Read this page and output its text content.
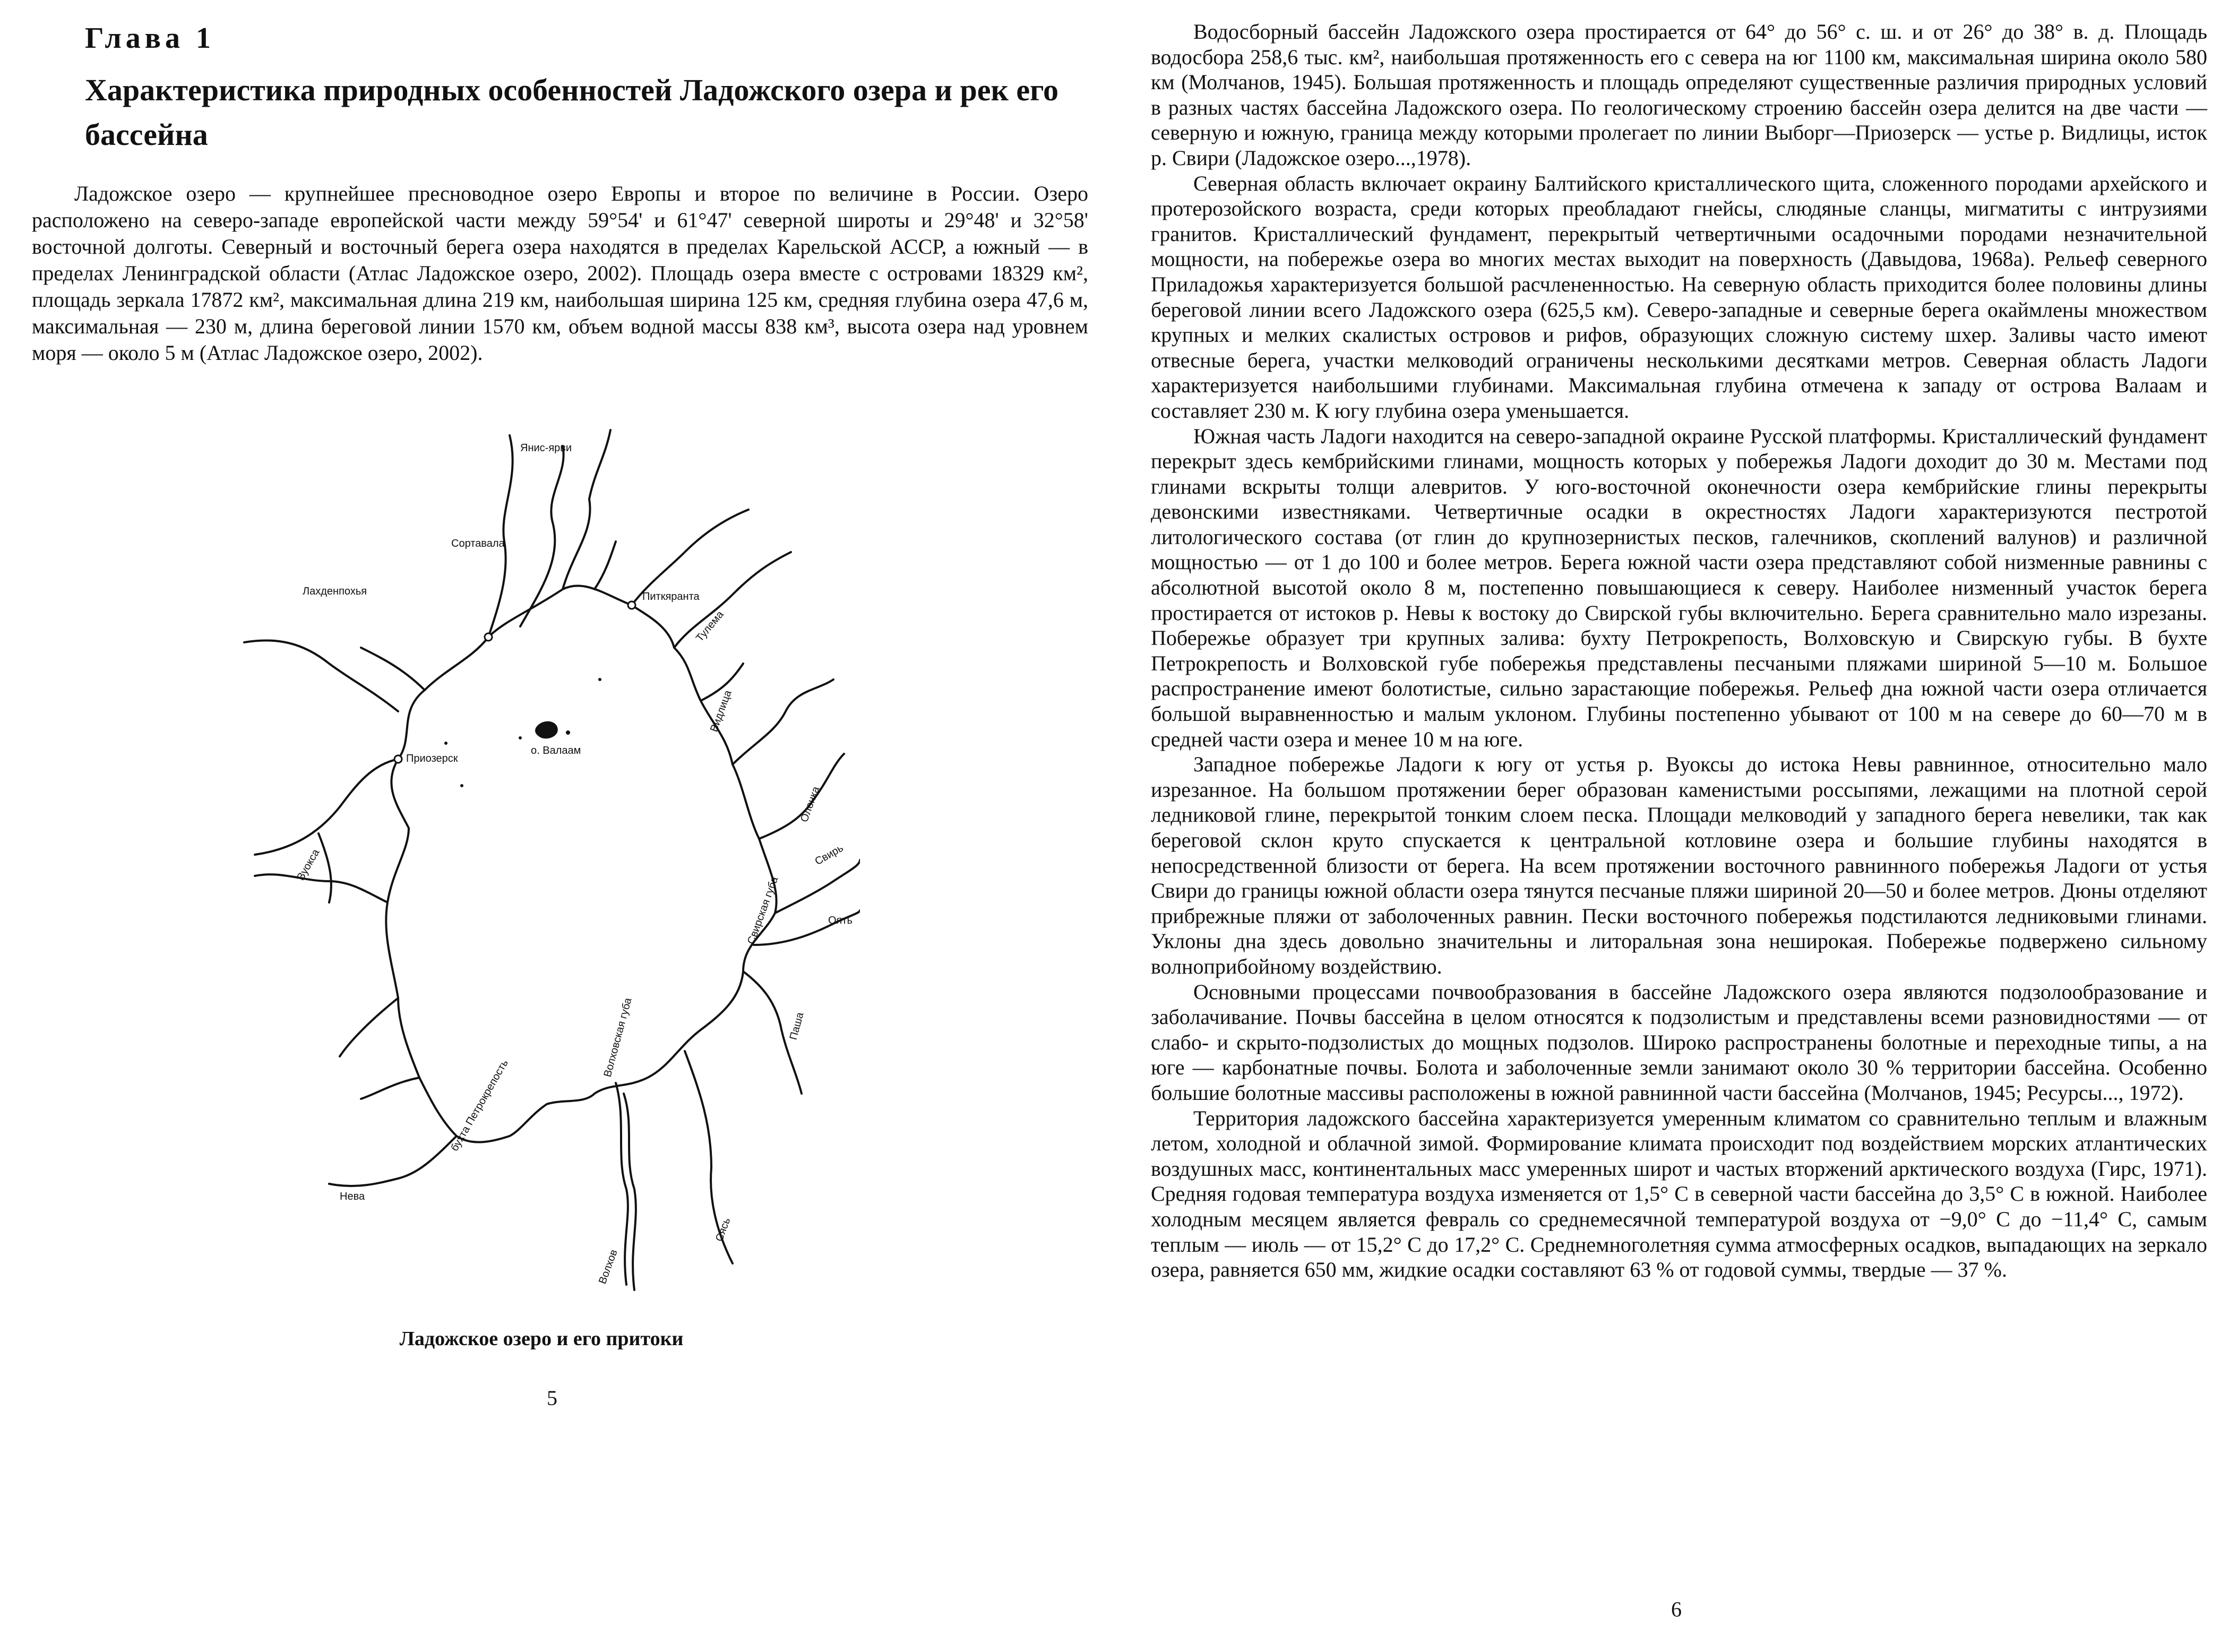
Глава 1
Характеристика природных особенностей Ладожского озера и рек его бассейна

Ладожское озеро — крупнейшее пресноводное озеро Европы и второе по величине в России. Озеро расположено на северо-западе европейской части между 59°54' и 61°47' северной широты и 29°48' и 32°58' восточной долготы. Северный и восточный берега озера находятся в пределах Карельской АССР, а южный — в пределах Ленинградской области (Атлас Ладожское озеро, 2002). Площадь озера вместе с островами 18329 км², площадь зеркала 17872 км², максимальная длина 219 км, наибольшая ширина 125 км, средняя глубина озера 47,6 м, максимальная — 230 м, длина береговой линии 1570 км, объем водной массы 838 км³, высота озера над уровнем моря — около 5 м (Атлас Ладожское озеро, 2002).

Янис-ярви
Сортавала
Лахденпохья	Питкяранта
Тулема
о. Валаам
Приозерск
Видлица
Олонка
Вуокса
Свирская губа
Свирь
Оять
Паша
Волховская губа
бухта Петрокрепость
Нева
Сясь
Волхов
Ладожское озеро и его притоки
5

Водосборный бассейн Ладожского озера простирается от 64° до 56° с. ш. и от 26° до 38° в. д. Площадь водосбора 258,6 тыс. км², наибольшая протяженность его с севера на юг 1100 км, максимальная ширина около 580 км (Молчанов, 1945). Большая протяженность и площадь определяют существенные различия природных условий в разных частях бассейна Ладожского озера. По геологическому строению бассейн озера делится на две части — северную и южную, граница между которыми пролегает по линии Выборг—Приозерск — устье р. Видлицы, исток р. Свири (Ладожское озеро...,1978).

Северная область включает окраину Балтийского кристаллического щита, сложенного породами архейского и протерозойского возраста, среди которых преобладают гнейсы, слюдяные сланцы, мигматиты с интрузиями гранитов. Кристаллический фундамент, перекрытый четвертичными осадочными породами незначительной мощности, на побережье озера во многих местах выходит на поверхность (Давыдова, 1968а). Рельеф северного Приладожья характеризуется большой расчлененностью. На северную область приходится более половины длины береговой линии всего Ладожского озера (625,5 км). Северо-западные и северные берега окаймлены множеством крупных и мелких скалистых островов и рифов, образующих сложную систему шхер. Заливы часто имеют отвесные берега, участки мелководий ограничены несколькими десятками метров. Северная область Ладоги характеризуется наибольшими глубинами. Максимальная глубина отмечена к западу от острова Валаам и составляет 230 м. К югу глубина озера уменьшается.

Южная часть Ладоги находится на северо-западной окраине Русской платформы. Кристаллический фундамент перекрыт здесь кембрийскими глинами, мощность которых у побережья Ладоги доходит до 30 м. Местами под глинами вскрыты толщи алевритов. У юго-восточной оконечности озера кембрийские глины перекрыты девонскими известняками. Четвертичные осадки в окрестностях Ладоги характеризуются пестротой литологического состава (от глин до крупнозернистых песков, галечников, скоплений валунов) и различной мощностью — от 1 до 100 и более метров. Берега южной части озера представляют собой низменные равнины с абсолютной высотой около 8 м, постепенно повышающиеся к северу. Наиболее низменный участок берега простирается от истоков р. Невы к востоку до Свирской губы включительно. Берега сравнительно мало изрезаны. Побережье образует три крупных залива: бухту Петрокрепость, Волховскую и Свирскую губы. В бухте Петрокрепость и Волховской губе побережья представлены песчаными пляжами шириной 5—10 м. Большое распространение имеют болотистые, сильно зарастающие побережья. Рельеф дна южной части озера отличается большой выравненностью и малым уклоном. Глубины постепенно убывают от 100 м на севере до 60—70 м в средней части озера и менее 10 м на юге.

Западное побережье Ладоги к югу от устья р. Вуоксы до истока Невы равнинное, относительно мало изрезанное. На большом протяжении берег образован каменистыми россыпями, лежащими на плотной серой ледниковой глине, перекрытой тонким слоем песка. Площади мелководий у западного берега невелики, так как береговой склон круто спускается к центральной котловине озера и большие глубины находятся в непосредственной близости от берега. На всем протяжении восточного равнинного побережья Ладоги от устья Свири до границы южной области озера тянутся песчаные пляжи шириной 20—50 и более метров. Дюны отделяют прибрежные пляжи от заболоченных равнин. Пески восточного побережья подстилаются ледниковыми глинами. Уклоны дна здесь довольно значительны и литоральная зона неширокая. Побережье подвержено сильному волноприбойному воздействию.

Основными процессами почвообразования в бассейне Ладожского озера являются подзолообразование и заболачивание. Почвы бассейна в целом относятся к подзолистым и представлены всеми разновидностями — от слабо- и скрыто-подзолистых до мощных подзолов. Широко распространены болотные и переходные типы, а на юге — карбонатные почвы. Болота и заболоченные земли занимают около 30 % территории бассейна. Особенно большие болотные массивы расположены в южной равнинной части бассейна (Молчанов, 1945; Ресурсы..., 1972).

Территория ладожского бассейна характеризуется умеренным климатом со сравнительно теплым и влажным летом, холодной и облачной зимой. Формирование климата происходит под воздействием морских атлантических воздушных масс, континентальных масс умеренных широт и частых вторжений арктического воздуха (Гирс, 1971). Средняя годовая температура воздуха изменяется от 1,5° С в северной части бассейна до 3,5° С в южной. Наиболее холодным месяцем является февраль со среднемесячной температурой воздуха от −9,0° С до −11,4° С, самым теплым — июль — от 15,2° С до 17,2° С. Среднемноголетняя сумма атмосферных осадков, выпадающих на зеркало озера, равняется 650 мм, жидкие осадки составляют 63 % от годовой суммы, твердые — 37 %.

6
